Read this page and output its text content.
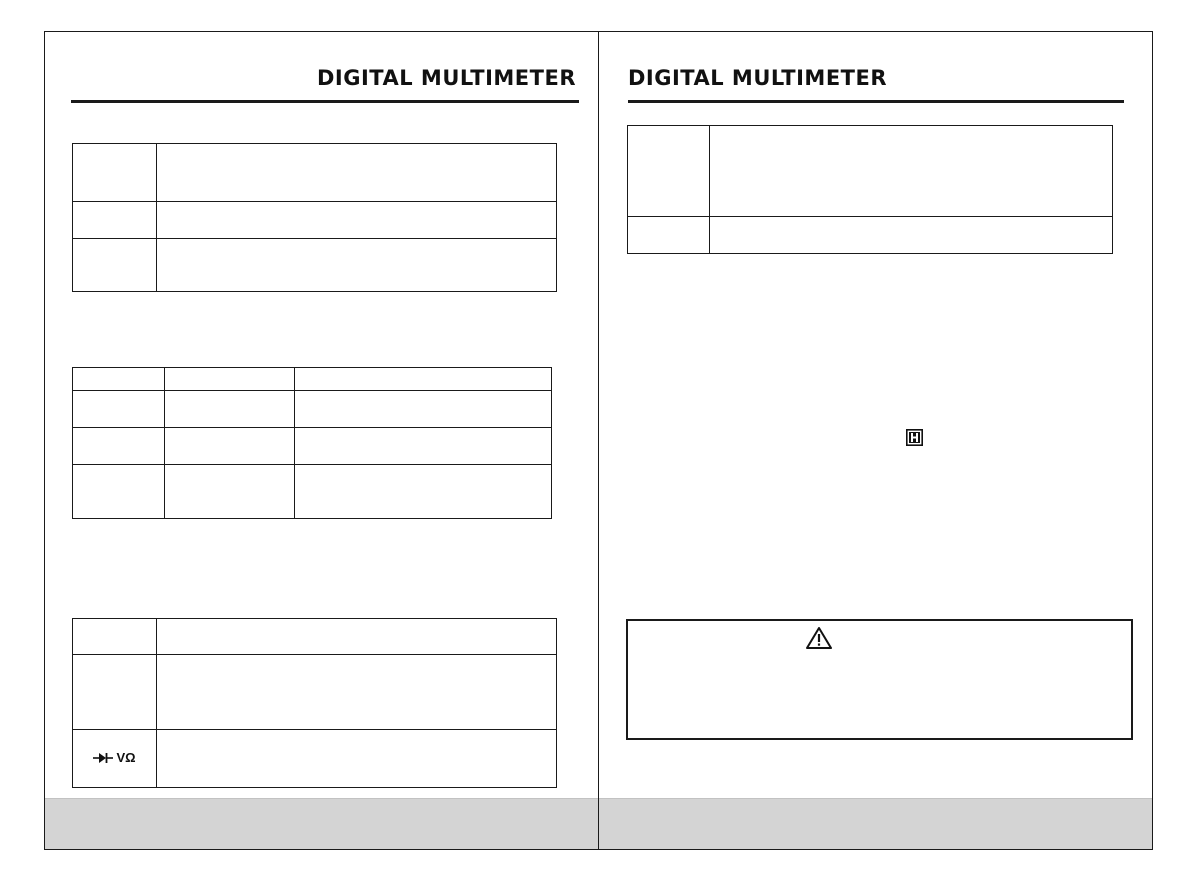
DIGITAL MULTIMETER

VΩ	

DIGITAL MULTIMETER
